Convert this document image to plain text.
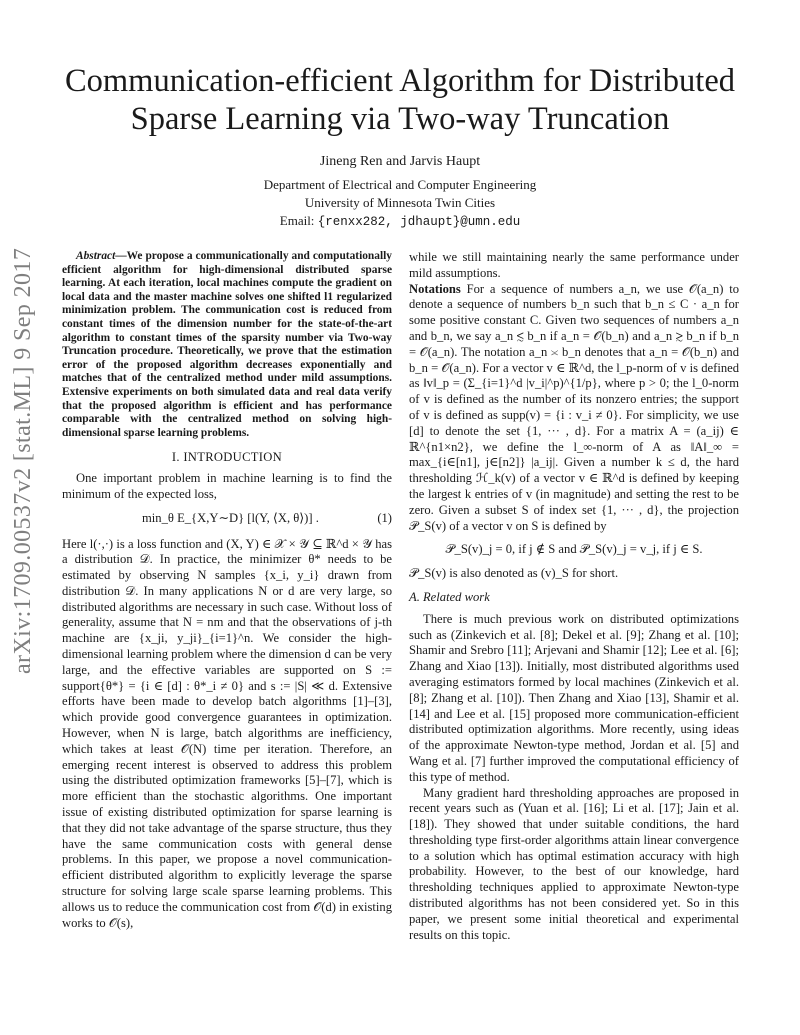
arXiv:1709.00537v2 [stat.ML] 9 Sep 2017
Communication-efficient Algorithm for Distributed
Sparse Learning via Two-way Truncation
Jineng Ren and Jarvis Haupt
Department of Electrical and Computer Engineering
University of Minnesota Twin Cities
Email: {renxx282, jdhaupt}@umn.edu

Abstract—We propose a communicationally and computationally efficient algorithm for high-dimensional distributed sparse learning. At each iteration, local machines compute the gradient on local data and the master machine solves one shifted l1 regularized minimization problem. The communication cost is reduced from constant times of the dimension number for the state-of-the-art algorithm to constant times of the sparsity number via Two-way Truncation procedure. Theoretically, we prove that the estimation error of the proposed algorithm decreases exponentially and matches that of the centralized method under mild assumptions. Extensive experiments on both simulated data and real data verify that the proposed algorithm is efficient and has performance comparable with the centralized method on solving high-dimensional sparse learning problems.

I. INTRODUCTION

One important problem in machine learning is to find the minimum of the expected loss,

min_θ E_{X,Y∼D} [l(Y, ⟨X, θ⟩)] .	(1)

Here l(·,·) is a loss function and (X, Y) ∈ 𝒳 × 𝒴 ⊆ ℝ^d × 𝒴 has a distribution 𝒟. In practice, the minimizer θ* needs to be estimated by observing N samples {x_i, y_i} drawn from distribution 𝒟. In many applications N or d are very large, so distributed algorithms are necessary in such case. Without loss of generality, assume that N = nm and that the observations of j-th machine are {x_ji, y_ji}_{i=1}^n. We consider the high-dimensional learning problem where the dimension d can be very large, and the effective variables are supported on S := support{θ*} = {i ∈ [d] : θ*_i ≠ 0} and s := |S| ≪ d. Extensive efforts have been made to develop batch algorithms [1]–[3], which provide good convergence guarantees in optimization. However, when N is large, batch algorithms are inefficiency, which takes at least 𝒪(N) time per iteration. Therefore, an emerging recent interest is observed to address this problem using the distributed optimization frameworks [5]–[7], which is more efficient than the stochastic algorithms. One important issue of existing distributed optimization for sparse learning is that they did not take advantage of the sparse structure, thus they have the same communication costs with general dense problems. In this paper, we propose a novel communication-efficient distributed algorithm to explicitly leverage the sparse structure for solving large scale sparse learning problems. This allows us to reduce the communication cost from 𝒪(d) in existing works to 𝒪(s),

while we still maintaining nearly the same performance under mild assumptions.

Notations For a sequence of numbers a_n, we use 𝒪(a_n) to denote a sequence of numbers b_n such that b_n ≤ C · a_n for some positive constant C. Given two sequences of numbers a_n and b_n, we say a_n ≲ b_n if a_n = 𝒪(b_n) and a_n ≳ b_n if b_n = 𝒪(a_n). The notation a_n ≍ b_n denotes that a_n = 𝒪(b_n) and b_n = 𝒪(a_n). For a vector v ∈ ℝ^d, the l_p-norm of v is defined as ‖v‖_p = (Σ_{i=1}^d |v_i|^p)^{1/p}, where p > 0; the l_0-norm of v is defined as the number of its nonzero entries; the support of v is defined as supp(v) = {i : v_i ≠ 0}. For simplicity, we use [d] to denote the set {1, ··· , d}. For a matrix A = (a_ij) ∈ ℝ^{n1×n2}, we define the l_∞-norm of A as ‖A‖_∞ = max_{i∈[n1], j∈[n2]} |a_ij|. Given a number k ≤ d, the hard thresholding ℋ_k(v) of a vector v ∈ ℝ^d is defined by keeping the largest k entries of v (in magnitude) and setting the rest to be zero. Given a subset S of index set {1, ··· , d}, the projection 𝒫_S(v) of a vector v on S is defined by

𝒫_S(v)_j = 0, if j ∉ S and 𝒫_S(v)_j = v_j, if j ∈ S.

𝒫_S(v) is also denoted as (v)_S for short.

A. Related work

There is much previous work on distributed optimizations such as (Zinkevich et al. [8]; Dekel et al. [9]; Zhang et al. [10]; Shamir and Srebro [11]; Arjevani and Shamir [12]; Lee et al. [6]; Zhang and Xiao [13]). Initially, most distributed algorithms used averaging estimators formed by local machines (Zinkevich et al. [8]; Zhang et al. [10]). Then Zhang and Xiao [13], Shamir et al. [14] and Lee et al. [15] proposed more communication-efficient distributed optimization algorithms. More recently, using ideas of the approximate Newton-type method, Jordan et al. [5] and Wang et al. [7] further improved the computational efficiency of this type of method.

Many gradient hard thresholding approaches are proposed in recent years such as (Yuan et al. [16]; Li et al. [17]; Jain et al. [18]). They showed that under suitable conditions, the hard thresholding type first-order algorithms attain linear convergence to a solution which has optimal estimation accuracy with high probability. However, to the best of our knowledge, hard thresholding techniques applied to approximate Newton-type distributed algorithms has not been considered yet. So in this paper, we present some initial theoretical and experimental results on this topic.
